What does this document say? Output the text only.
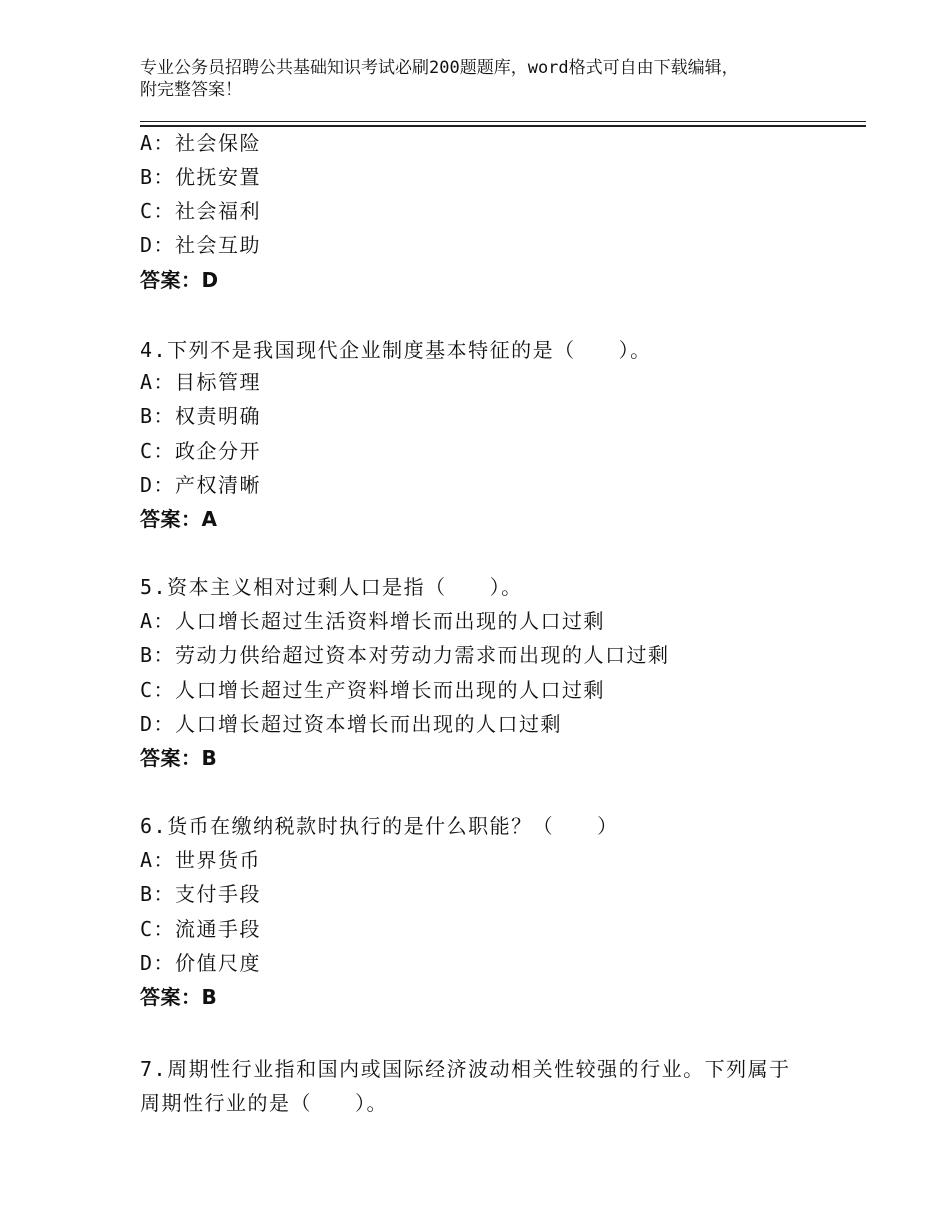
专业公务员招聘公共基础知识考试必刷200题题库，word格式可自由下载编辑，
附完整答案！
A：社会保险
B：优抚安置
C：社会福利
D：社会互助
答案：D
4.下列不是我国现代企业制度基本特征的是（　　）。
A：目标管理
B：权责明确
C：政企分开
D：产权清晰
答案：A
5.资本主义相对过剩人口是指（　　）。
A：人口增长超过生活资料增长而出现的人口过剩
B：劳动力供给超过资本对劳动力需求而出现的人口过剩
C：人口增长超过生产资料增长而出现的人口过剩
D：人口增长超过资本增长而出现的人口过剩
答案：B
6.货币在缴纳税款时执行的是什么职能？（　　）
A：世界货币
B：支付手段
C：流通手段
D：价值尺度
答案：B
7.周期性行业指和国内或国际经济波动相关性较强的行业。下列属于
周期性行业的是（　　）。
